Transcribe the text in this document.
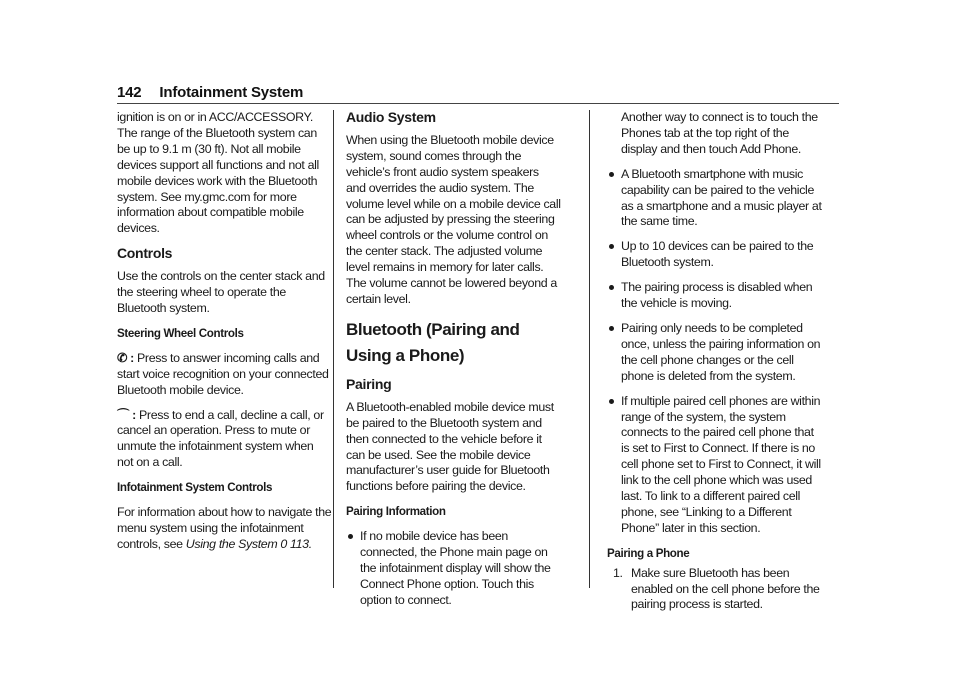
142 Infotainment System

ignition is on or in ACC/ACCESSORY. The range of the Bluetooth system can be up to 9.1 m (30 ft). Not all mobile devices support all functions and not all mobile devices work with the Bluetooth system. See my.gmc.com for more information about compatible mobile devices.

Controls

Use the controls on the center stack and the steering wheel to operate the Bluetooth system.

Steering Wheel Controls

✆ : Press to answer incoming calls and start voice recognition on your connected Bluetooth mobile device.

⌒ : Press to end a call, decline a call, or cancel an operation. Press to mute or unmute the infotainment system when not on a call.

Infotainment System Controls

For information about how to navigate the menu system using the infotainment controls, see Using the System 0 113.

Audio System

When using the Bluetooth mobile device system, sound comes through the vehicle’s front audio system speakers and overrides the audio system. The volume level while on a mobile device call can be adjusted by pressing the steering wheel controls or the volume control on the center stack. The adjusted volume level remains in memory for later calls. The volume cannot be lowered beyond a certain level.

Bluetooth (Pairing and Using a Phone)
Pairing

A Bluetooth-enabled mobile device must be paired to the Bluetooth system and then connected to the vehicle before it can be used. See the mobile device manufacturer’s user guide for Bluetooth functions before pairing the device.

Pairing Information

If no mobile device has been connected, the Phone main page on the infotainment display will show the Connect Phone option. Touch this option to connect.

Another way to connect is to touch the Phones tab at the top right of the display and then touch Add Phone.

A Bluetooth smartphone with music capability can be paired to the vehicle as a smartphone and a music player at the same time.
Up to 10 devices can be paired to the Bluetooth system.
The pairing process is disabled when the vehicle is moving.
Pairing only needs to be completed once, unless the pairing information on the cell phone changes or the cell phone is deleted from the system.
If multiple paired cell phones are within range of the system, the system connects to the paired cell phone that is set to First to Connect. If there is no cell phone set to First to Connect, it will link to the cell phone which was used last. To link to a different paired cell phone, see “Linking to a Different Phone” later in this section.

Pairing a Phone

1. Make sure Bluetooth has been enabled on the cell phone before the pairing process is started.
